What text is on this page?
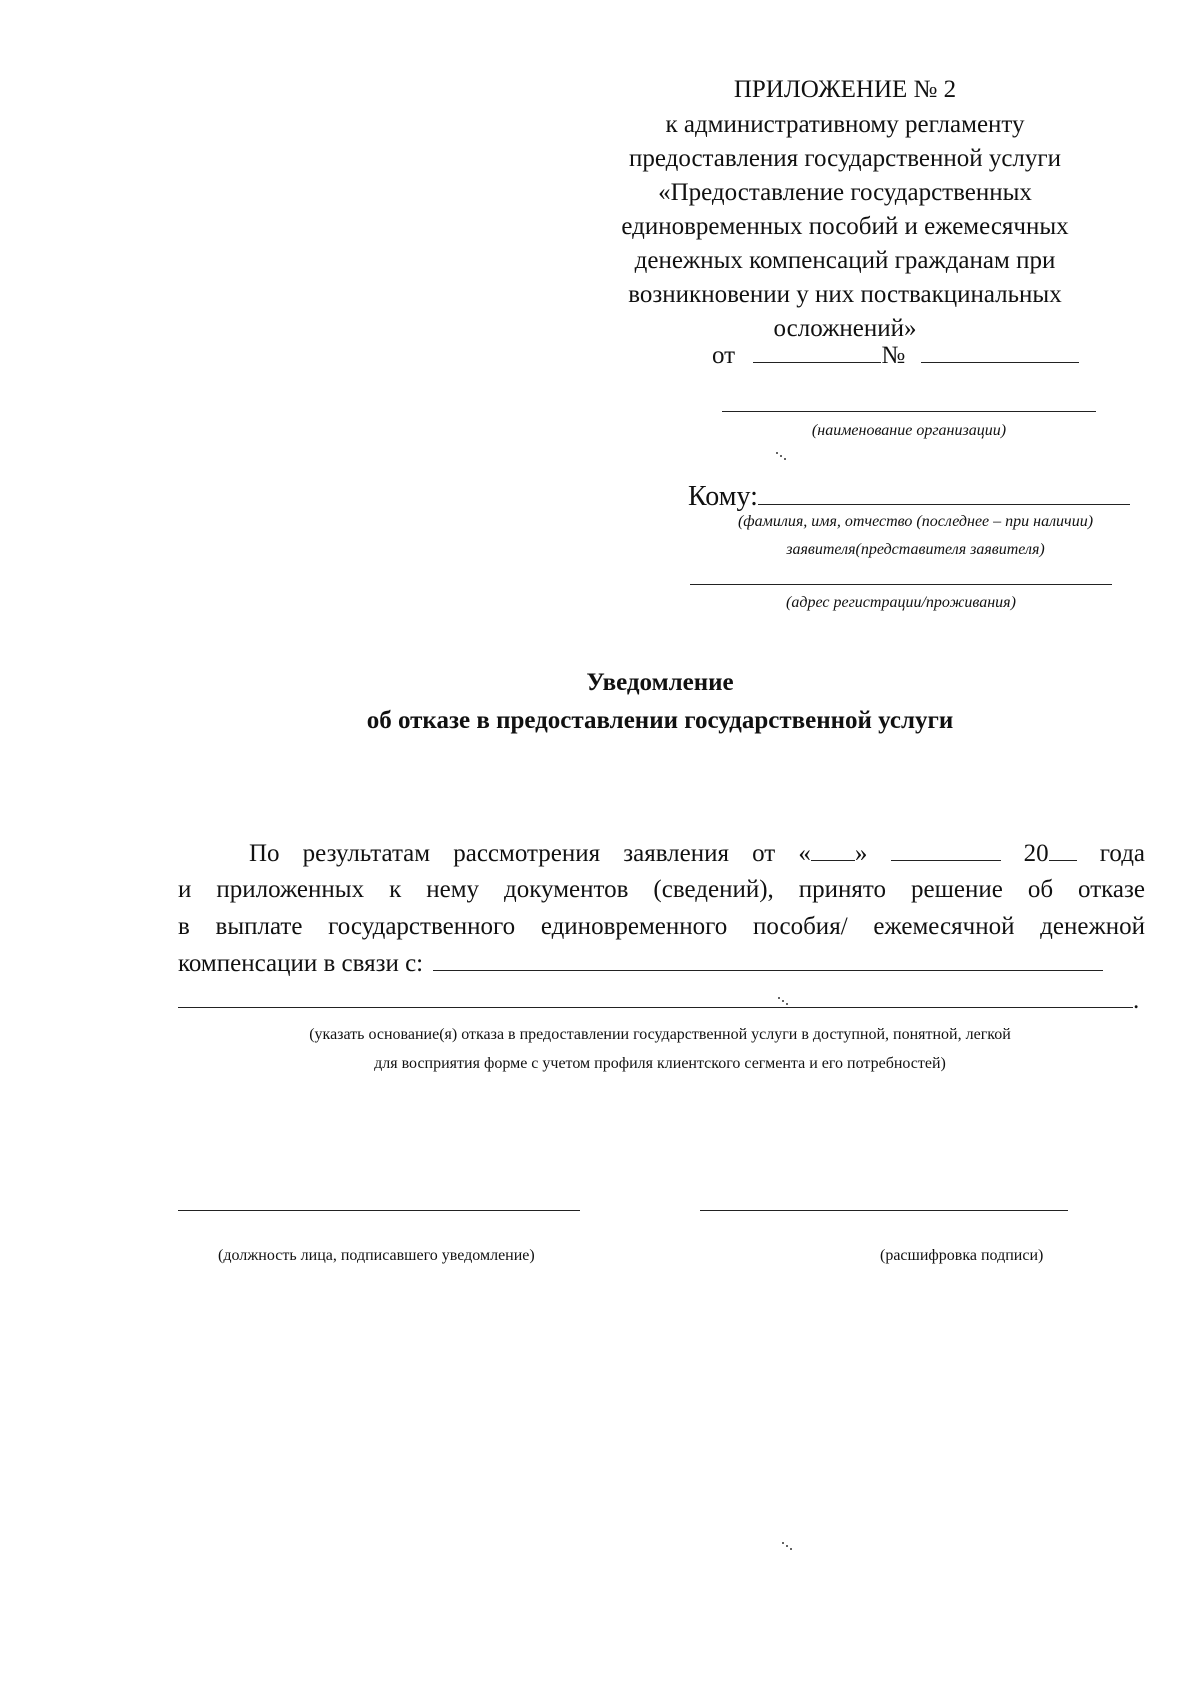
ПРИЛОЖЕНИЕ № 2
к административному регламенту
предоставления государственной услуги
«Предоставление государственных
единовременных пособий и ежемесячных
денежных компенсаций гражданам при
возникновении у них поствакцинальных
осложнений»
от	№
(наименование организации)
Кому:
(фамилия, имя, отчество (последнее – при наличии)
заявителя(представителя заявителя)
(адрес регистрации/проживания)
Уведомление
об отказе в предоставлении государственной услуги
По результатам рассмотрения заявления от « »	20 года
и приложенных к нему документов (сведений), принято решение об отказе
в выплате государственного единовременного пособия/ ежемесячной денежной
компенсации в связи с:
.
(указать основание(я) отказа в предоставлении государственной услуги в доступной, понятной, легкой
для восприятия форме с учетом профиля клиентского сегмента и его потребностей)
(должность лица, подписавшего уведомление)	(расшифровка подписи)
